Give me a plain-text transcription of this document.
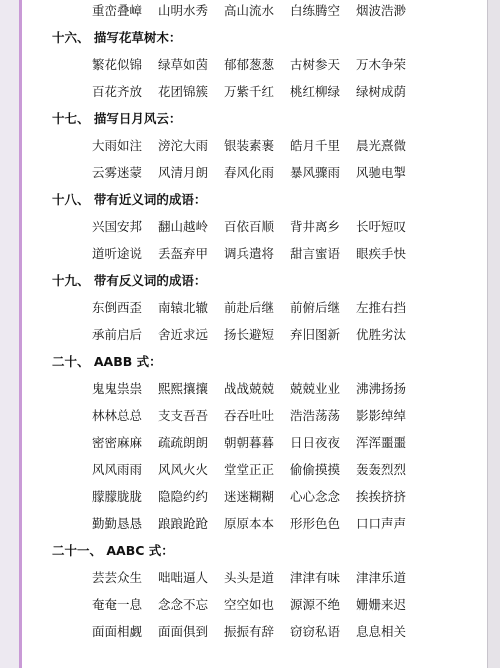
重峦叠嶂	山明水秀	高山流水	白练腾空	烟波浩渺
十六、 描写花草树木：
繁花似锦	绿草如茵	郁郁葱葱	古树参天	万木争荣
百花齐放	花团锦簇	万紫千红	桃红柳绿	绿树成荫
十七、 描写日月风云：
大雨如注	滂沱大雨	银装素裹	皓月千里	晨光熹微
云雾迷蒙	风清月朗	春风化雨	暴风骤雨	风驰电掣
十八、 带有近义词的成语：
兴国安邦	翻山越岭	百依百顺	背井离乡	长吁短叹
道听途说	丢盔弃甲	调兵遣将	甜言蜜语	眼疾手快
十九、 带有反义词的成语：
东倒西歪	南辕北辙	前赴后继	前俯后继	左推右挡
承前启后	舍近求远	扬长避短	弃旧图新	优胜劣汰
二十、 AABB 式：
鬼鬼祟祟	熙熙攘攘	战战兢兢	兢兢业业	沸沸扬扬
林林总总	支支吾吾	吞吞吐吐	浩浩荡荡	影影绰绰
密密麻麻	疏疏朗朗	朝朝暮暮	日日夜夜	浑浑噩噩
风风雨雨	风风火火	堂堂正正	偷偷摸摸	轰轰烈烈
朦朦胧胧	隐隐约约	迷迷糊糊	心心念念	挨挨挤挤
勤勤恳恳	踉踉跄跄	原原本本	形形色色	口口声声
二十一、 AABC 式：
芸芸众生	咄咄逼人	头头是道	津津有味	津津乐道
奄奄一息	念念不忘	空空如也	源源不绝	姗姗来迟
面面相觑	面面俱到	振振有辞	窃窃私语	息息相关
